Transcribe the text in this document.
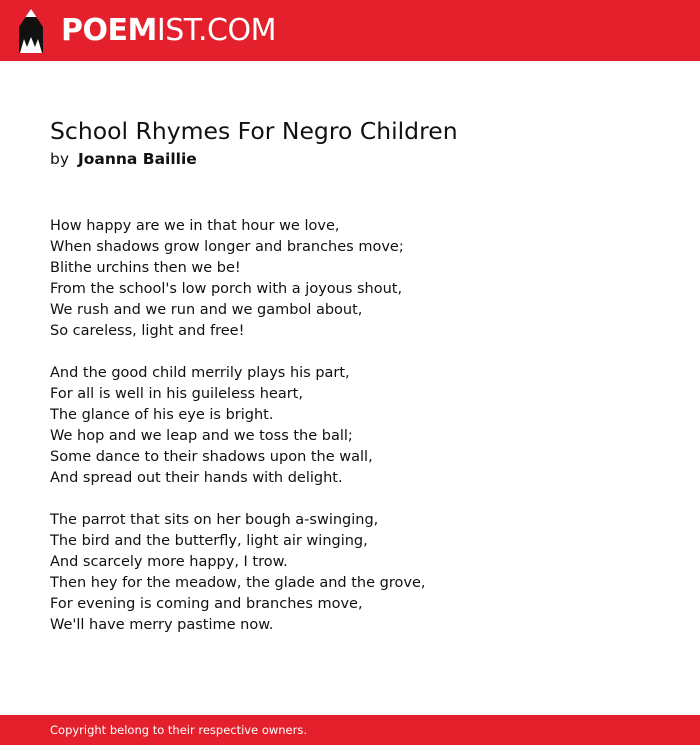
POEMIST.COM
School Rhymes For Negro Children
by Joanna Baillie
How happy are we in that hour we love,
When shadows grow longer and branches move;
Blithe urchins then we be!
From the school's low porch with a joyous shout,
We rush and we run and we gambol about,
So careless, light and free!
And the good child merrily plays his part,
For all is well in his guileless heart,
The glance of his eye is bright.
We hop and we leap and we toss the ball;
Some dance to their shadows upon the wall,
And spread out their hands with delight.
The parrot that sits on her bough a-swinging,
The bird and the butterfly, light air winging,
And scarcely more happy, I trow.
Then hey for the meadow, the glade and the grove,
For evening is coming and branches move,
We'll have merry pastime now.
Copyright belong to their respective owners.
